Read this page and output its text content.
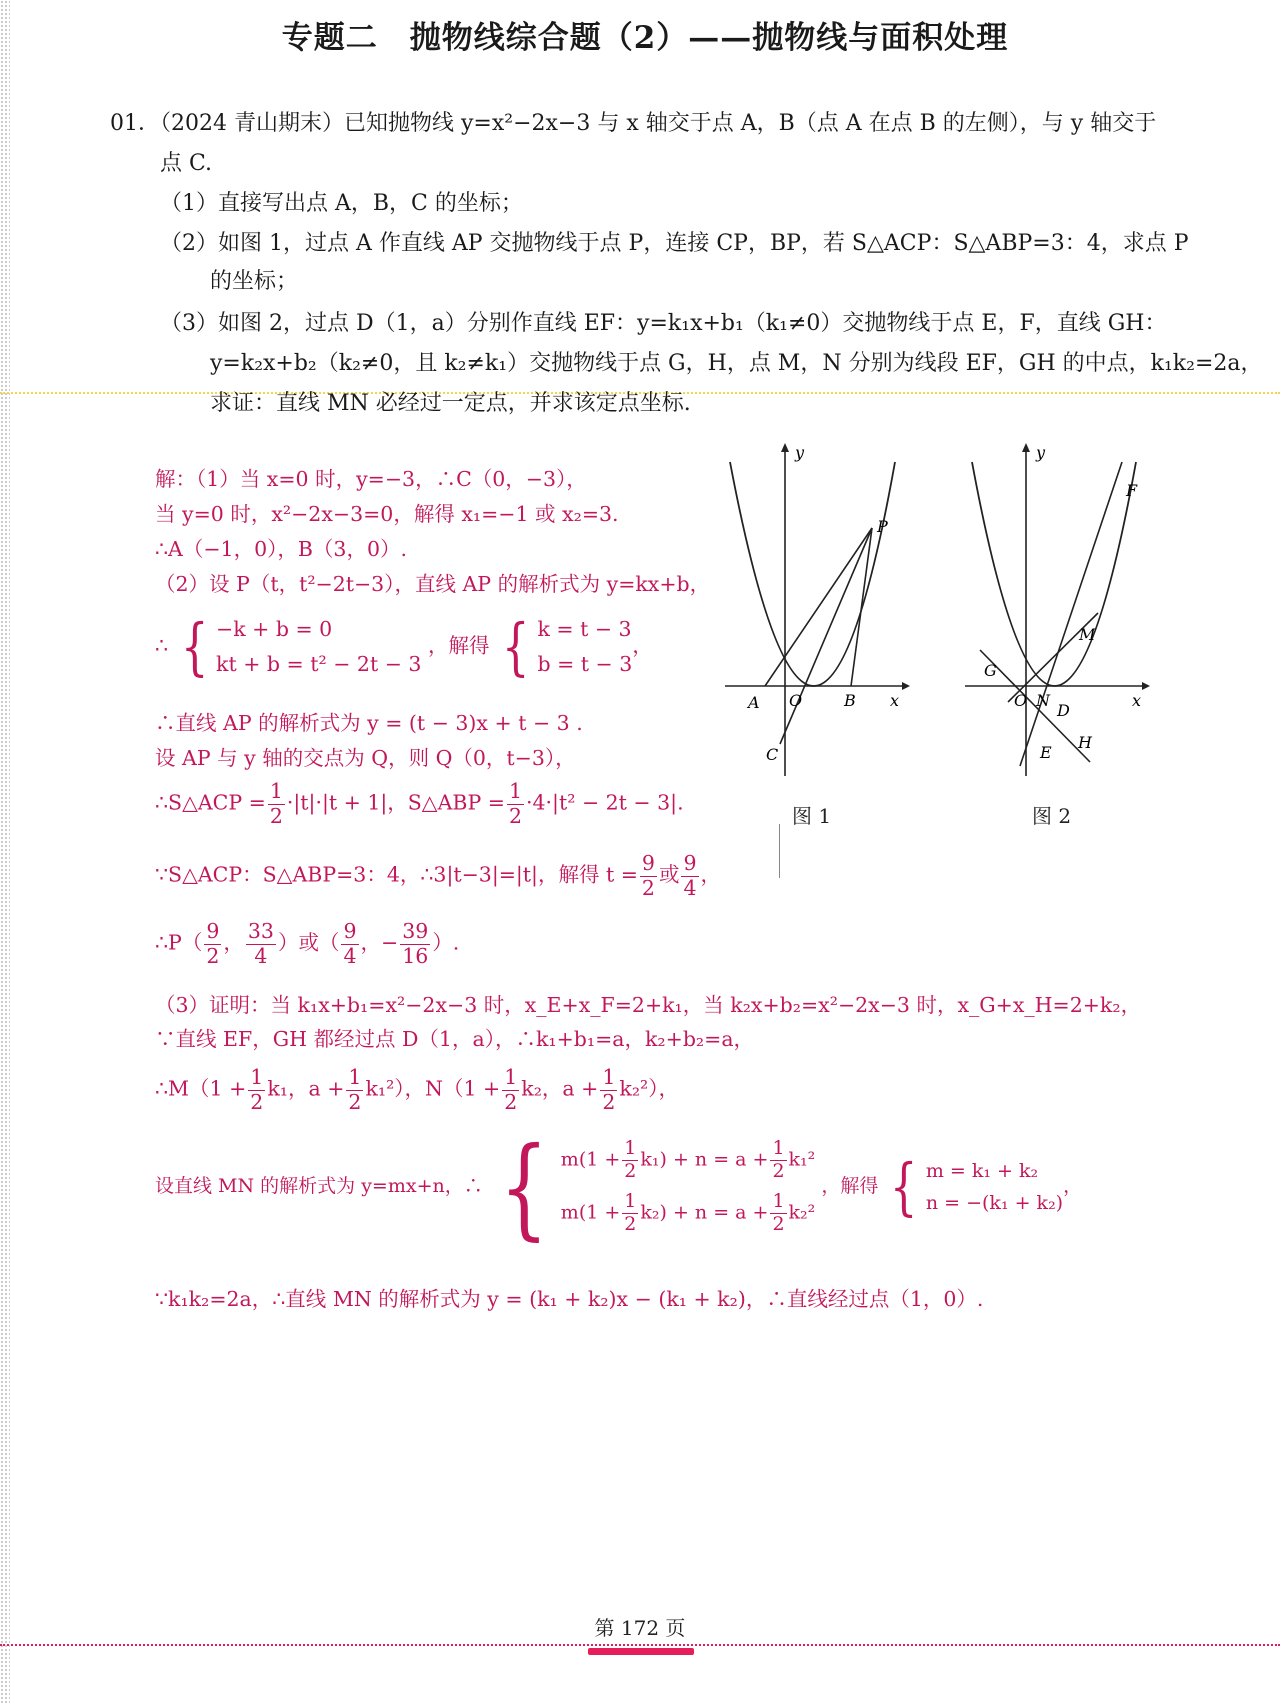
专题二　抛物线综合题（2）——抛物线与面积处理
01．（2024 青山期末）已知抛物线 y=x²−2x−3 与 x 轴交于点 A，B（点 A 在点 B 的左侧），与 y 轴交于
点 C.
（1）直接写出点 A，B，C 的坐标；
（2）如图 1，过点 A 作直线 AP 交抛物线于点 P，连接 CP，BP，若 S△ACP：S△ABP=3：4，求点 P
的坐标；
（3）如图 2，过点 D（1，a）分别作直线 EF：y=k₁x+b₁（k₁≠0）交抛物线于点 E，F，直线 GH：
y=k₂x+b₂（k₂≠0，且 k₂≠k₁）交抛物线于点 G，H，点 M，N 分别为线段 EF，GH 的中点，k₁k₂=2a，
求证：直线 MN 必经过一定点，并求该定点坐标.
解：（1）当 x=0 时，y=−3，∴C（0，−3），
当 y=0 时，x²−2x−3=0，解得 x₁=−1 或 x₂=3.
∴A（−1，0），B（3，0）.
（2）设 P（t，t²−2t−3），直线 AP 的解析式为 y=kx+b，
∴ { −k + b = 0
kt + b = t² − 2t − 3
，解得 { k = t − 3
b = t − 3
，
∴直线 AP 的解析式为 y = (t − 3)x + t − 3 .
设 AP 与 y 轴的交点为 Q，则 Q（0，t−3），
∴S△ACP = $\frac{1}{2} \cdot|t|\cdot|t + 1|$，S△ABP = $\frac{1}{2} \cdot 4\cdot|t^2 - 2t - 3|$.
∵S△ACP：S△ABP=3：4，∴3|t−3|=|t|，解得 $t = \frac{9}{2}$ 或 $\frac{9}{4}$ ，
∴P（ $\frac{9}{2}$ ， $\frac{33}{4}$ ）或（ $\frac{9}{4}$ ，− $\frac{39}{16}$ ）.
（3）证明：当 k₁x+b₁=x²−2x−3 时，x_E+x_F=2+k₁，当 k₂x+b₂=x²−2x−3 时，x_G+x_H=2+k₂，
∵直线 EF，GH 都经过点 D（1，a），∴k₁+b₁=a，k₂+b₂=a，
∴M（1 + $\frac{1}{2} k_1$，$a + \frac{1}{2} k_1^2$），$N(1 + \frac{1}{2} k_2$，$a + \frac{1}{2} k_2^2$），
设直线 MN 的解析式为 y=mx+n，∴ { $m(1 + \frac{1}{2} k_1) + n = a + \frac{1}{2} k_1^2$
$m(1 + \frac{1}{2} k_2) + n = a + \frac{1}{2} k_2^2$
，解得 { m = k₁ + k₂
n = −(k₁ + k₂)
，
∵k₁k₂=2a，∴直线 MN 的解析式为 y = (k₁ + k₂)x − (k₁ + k₂)，∴直线经过点（1，0）.
y
x
A O	B
C
P
图 1
y
x
O N
D
E
H
G
M
F
图 2
第 172 页
